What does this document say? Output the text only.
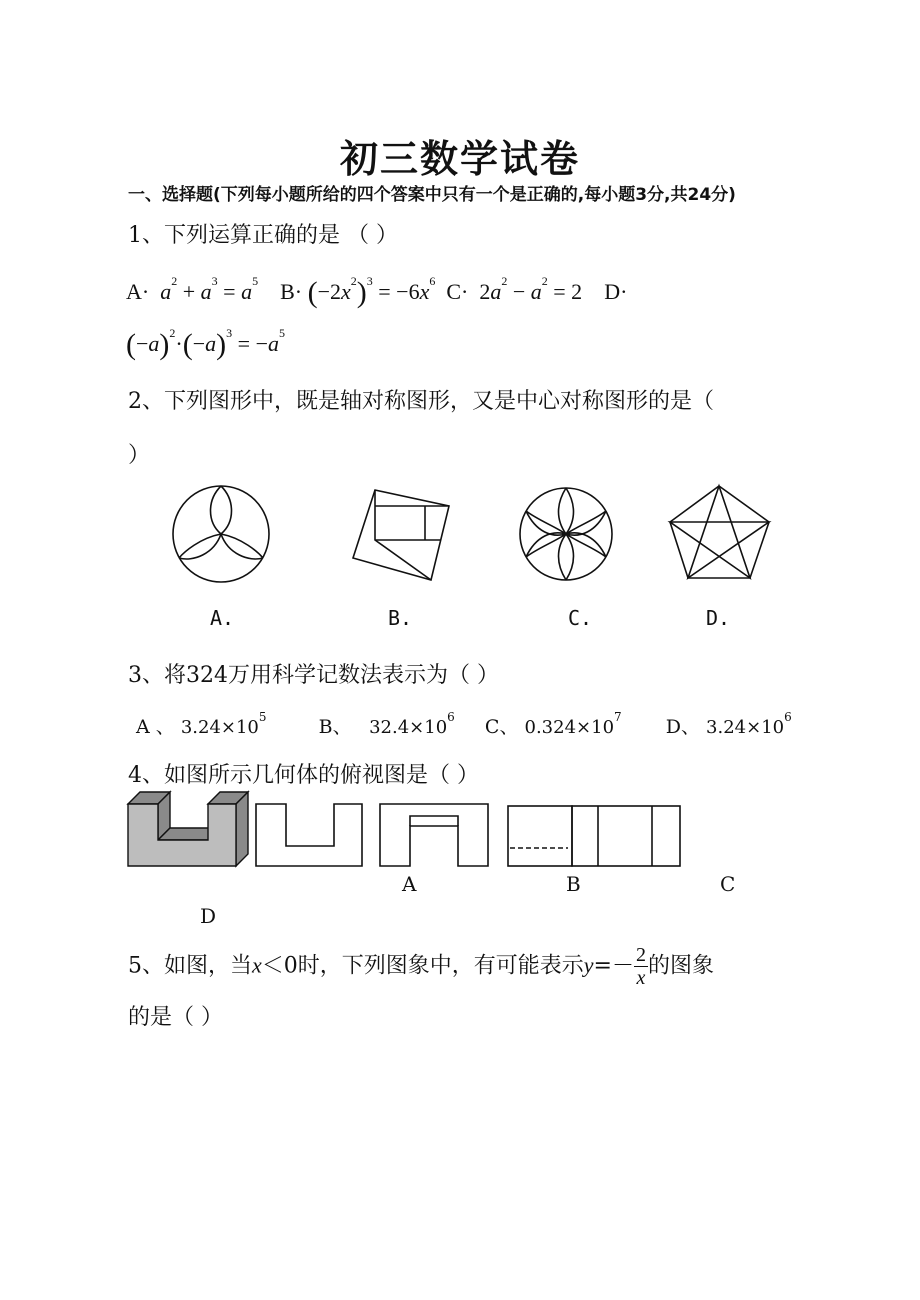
初三数学试卷
一、选择题(下列每小题所给的四个答案中只有一个是正确的,每小题3分,共24分)
1、下列运算正确的是 （ ）
$A\cdot a^2 + a^3 = a^5$ $B\cdot (-2x^2)^3 = -6x^6$ $C\cdot 2a^2 - a^2 = 2$ D·
$(-a)^2\cdot(-a)^3 = -a^5$
2、下列图形中，既是轴对称图形，又是中心对称图形的是（
）
A.	B.	C.	D.
3、将324万用科学记数法表示为（ ）
A 、 $3.24\times 10^5$	B、 $32.4\times 10^6$ C、 $0.324\times 10^7$ D、 $3.24\times 10^6$
4、如图所示几何体的俯视图是（ ）
A	B	C
D
5、如图，当x＜0时，下列图象中，有可能表示$y=- \frac{2}{x}$ 的图象
的是（ ）
